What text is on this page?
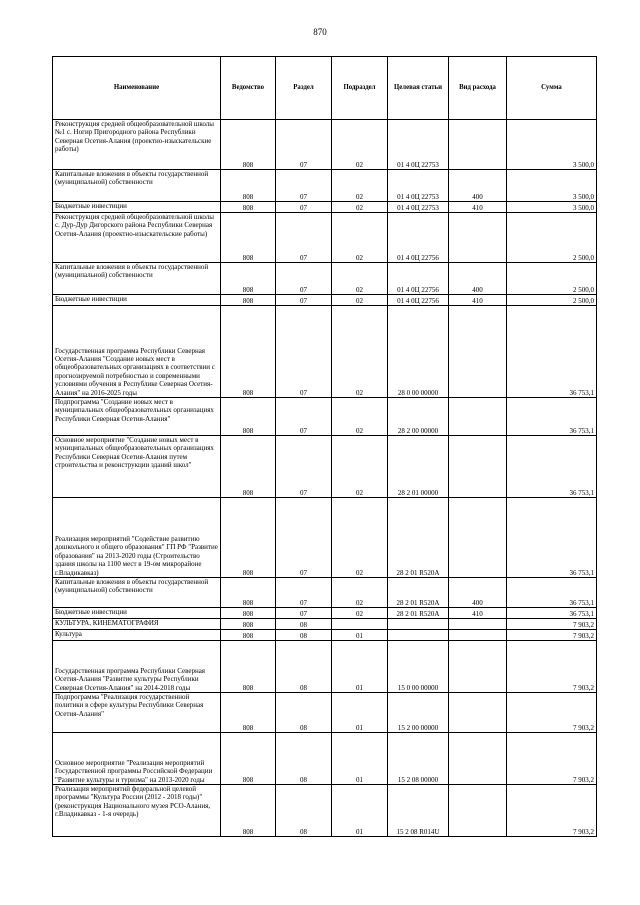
870
Наименование	Ведомство	Раздел	Подраздел	Целевая статьи	Вид расхода	Сумма
Реконструкция средней общеобразовательной школы №1 с. Ногир Пригородного района Республики Северная Осетия-Алания (проектно-изыскательские работы)	808	07	02	01 4 0Ц 22753		3 500,0
Капитальные вложения в объекты государственной (муниципальной) собственности	808	07	02	01 4 0Ц 22753	400	3 500,0
Бюджетные инвестиции	808	07	02	01 4 0Ц 22753	410	3 500,0
Реконструкция средней общеобразовательной школы с. Дур-Дур Дигорского района Республики Северная Осетия-Алания (проектно-изыскательские работы)	808	07	02	01 4 0Ц 22756		2 500,0
Капитальные вложения в объекты государственной (муниципальной) собственности	808	07	02	01 4 0Ц 22756	400	2 500,0
Бюджетные инвестиции	808	07	02	01 4 0Ц 22756	410	2 500,0
Государственная программа Республики Северная Осетия-Алания "Создание новых мест в общеобразовательных организациях в соответствии с прогнозируемой потребностью и современными условиями обучения в Республике Северная Осетия-Алания" на 2016-2025 годы	808	07	02	28 0 00 00000		36 753,1
Подпрограмма "Создание новых мест в муниципальных общеобразовательных организациях Республики Северная Осетия-Алания"	808	07	02	28 2 00 00000		36 753,1
Основное мероприятие "Создание новых мест в муниципальных общеобразовательных организациях Республики Северная Осетия-Алания путем строительства и реконструкции зданий школ"	808	07	02	28 2 01 00000		36 753,1
Реализация мероприятий "Содействие развитию дошкольного и общего образования" ГП РФ "Развитие образования" на 2013-2020 годы (Строительство здания школы на 1100 мест в 19-ом микрорайоне г.Владикавказ)	808	07	02	28 2 01 R520A		36 753,1
Капитальные вложения в объекты государственной (муниципальной) собственности	808	07	02	28 2 01 R520A	400	36 753,1
Бюджетные инвестиции	808	07	02	28 2 01 R520A	410	36 753,1
КУЛЬТУРА, КИНЕМАТОГРАФИЯ	808	08				7 903,2
Культура	808	08	01			7 903,2
Государственная программа Республики Северная Осетия-Алания "Развитие культуры Республики Северная Осетия-Алания" на 2014-2018 годы	808	08	01	15 0 00 00000		7 903,2
Подпрограмма "Реализация государственной политики в сфере культуры Республики Северная Осетия-Алания"	808	08	01	15 2 00 00000		7 903,2
Основное мероприятие "Реализация мероприятий Государственной программы Российской Федерации "Развитие культуры и туризма" на 2013-2020 годы	808	08	01	15 2 08 00000		7 903,2
Реализация мероприятий федеральной целевой программы "Культура России (2012 - 2018 годы)" (реконструкция Национального музея РСО-Алания, г.Владикавказ - 1-я очередь)	808	08	01	15 2 08 R014U		7 903,2
